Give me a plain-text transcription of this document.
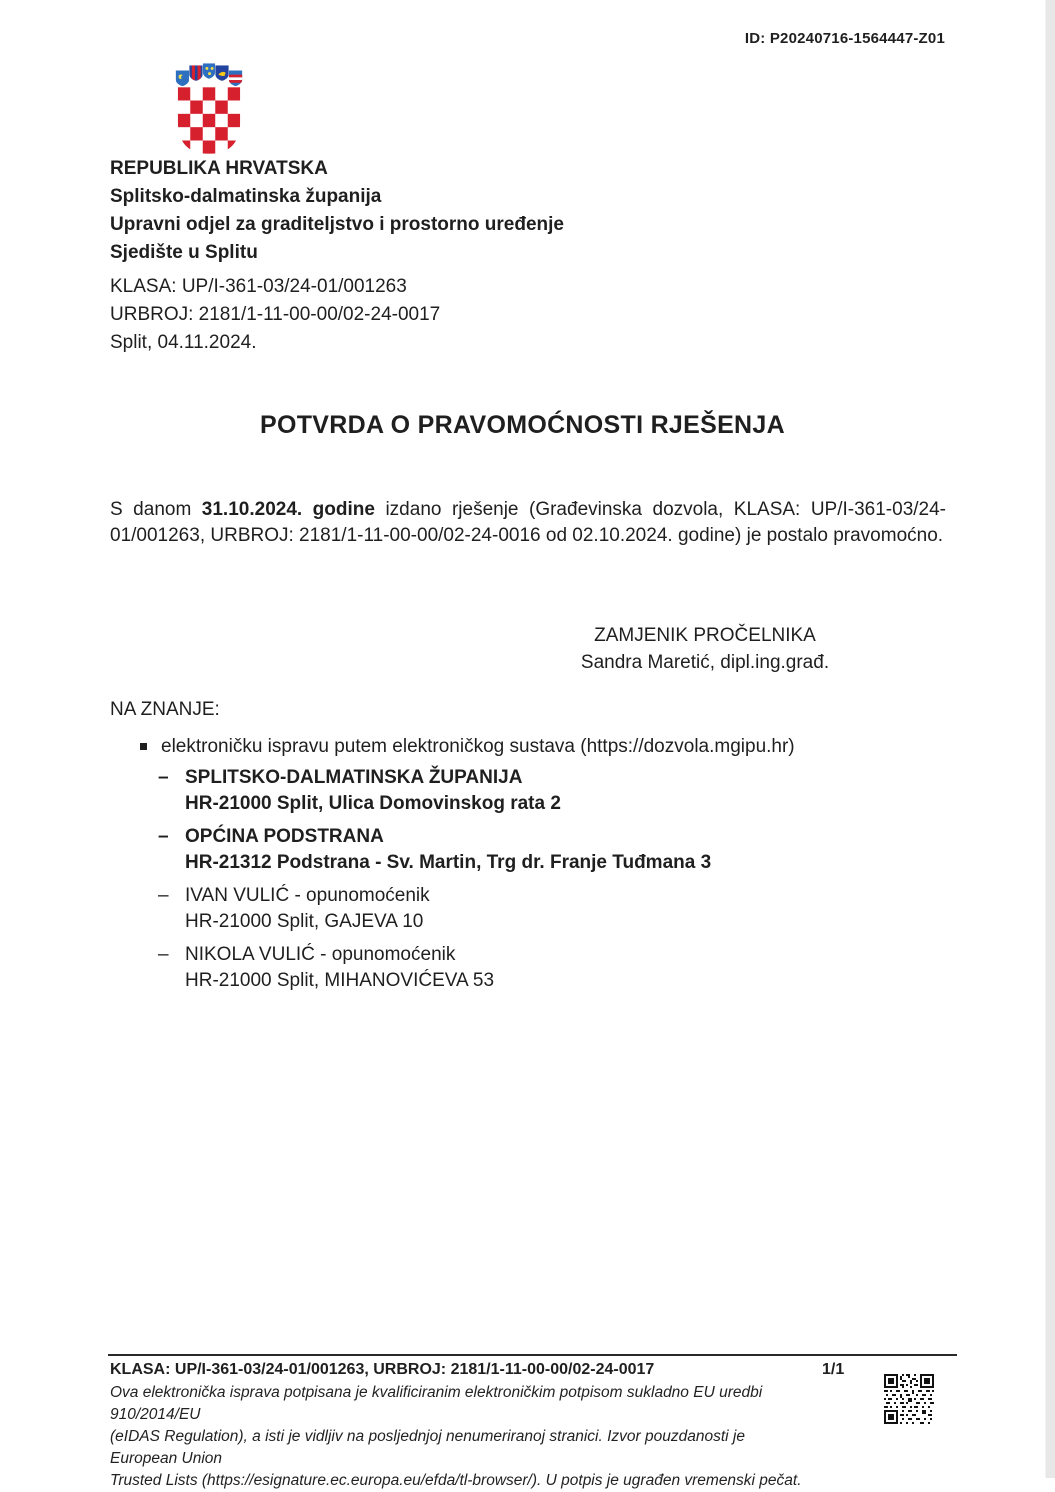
ID: P20240716-1564447-Z01
REPUBLIKA HRVATSKA
Splitsko-dalmatinska županija
Upravni odjel za graditeljstvo i prostorno uređenje
Sjedište u Splitu
KLASA: UP/I-361-03/24-01/001263
URBROJ: 2181/1-11-00-00/02-24-0017
Split, 04.11.2024.
POTVRDA O PRAVOMOĆNOSTI RJEŠENJA

S danom 31.10.2024. godine izdano rješenje (Građevinska dozvola, KLASA: UP/I-361-03/24-01/001263, URBROJ: 2181/1-11-00-00/02-24-0016 od 02.10.2024. godine) je postalo pravomoćno.

ZAMJENIK PROČELNIKA
Sandra Maretić, dipl.ing.građ.
NA ZNANJE:
elektroničku ispravu putem elektroničkog sustava (https://dozvola.mgipu.hr)
– SPLITSKO-DALMATINSKA ŽUPANIJA
HR-21000 Split, Ulica Domovinskog rata 2
– OPĆINA PODSTRANA
HR-21312 Podstrana - Sv. Martin, Trg dr. Franje Tuđmana 3
– IVAN VULIĆ - opunomoćenik
HR-21000 Split, GAJEVA 10
– NIKOLA VULIĆ - opunomoćenik
HR-21000 Split, MIHANOVIĆEVA 53
KLASA: UP/I-361-03/24-01/001263, URBROJ: 2181/1-11-00-00/02-24-0017	1/1
Ova elektronička isprava potpisana je kvalificiranim elektroničkim potpisom sukladno EU uredbi 910/2014/EU
(eIDAS Regulation), a isti je vidljiv na posljednjoj nenumeriranoj stranici. Izvor pouzdanosti je European Union
Trusted Lists (https://esignature.ec.europa.eu/efda/tl-browser/). U potpis je ugrađen vremenski pečat.
